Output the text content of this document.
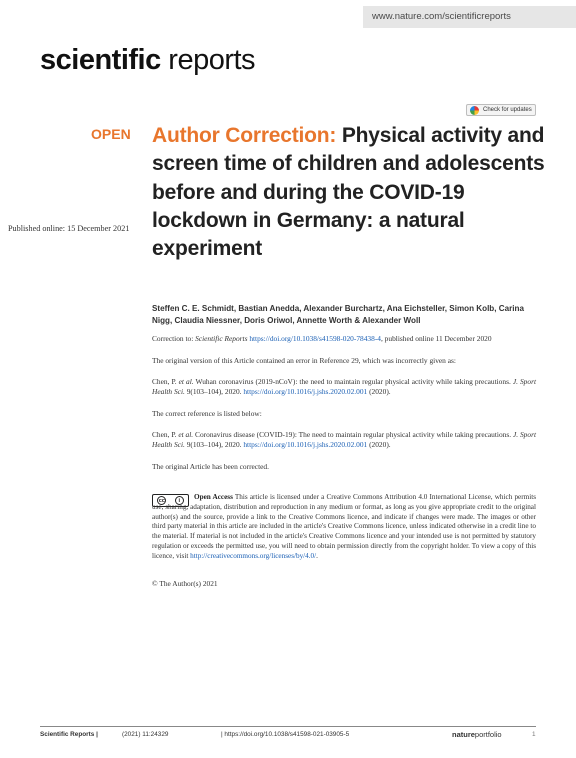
www.nature.com/scientificreports
scientific reports
Check for updates
OPEN
Published online: 15 December 2021
Author Correction: Physical activity and screen time of children and adolescents before and during the COVID-19 lockdown in Germany: a natural experiment
Steffen C. E. Schmidt, Bastian Anedda, Alexander Burchartz, Ana Eichsteller, Simon Kolb, Carina Nigg, Claudia Niessner, Doris Oriwol, Annette Worth & Alexander Woll
Correction to: Scientific Reports https://doi.org/10.1038/s41598-020-78438-4, published online 11 December 2020
The original version of this Article contained an error in Reference 29, which was incorrectly given as:
Chen, P. et al. Wuhan coronavirus (2019-nCoV): the need to maintain regular physical activity while taking precautions. J. Sport Health Sci. 9(103–104), 2020. https://doi.org/10.1016/j.jshs.2020.02.001 (2020).
The correct reference is listed below:
Chen, P. et al. Coronavirus disease (COVID-19): The need to maintain regular physical activity while taking precautions. J. Sport Health Sci. 9(103–104), 2020. https://doi.org/10.1016/j.jshs.2020.02.001 (2020).
The original Article has been corrected.
cc	i	Open Access This article is licensed under a Creative Commons Attribution 4.0 International License, which permits use, sharing, adaptation, distribution and reproduction in any medium or format, as long as you give appropriate credit to the original author(s) and the source, provide a link to the Creative Commons licence, and indicate if changes were made. The images or other third party material in this article are included in the article's Creative Commons licence, unless indicated otherwise in a credit line to the material. If material is not included in the article's Creative Commons licence and your intended use is not permitted by statutory regulation or exceeds the permitted use, you will need to obtain permission directly from the copyright holder. To view a copy of this licence, visit http://creativecommons.org/licenses/by/4.0/.
© The Author(s) 2021
Scientific Reports |	(2021) 11:24329	| https://doi.org/10.1038/s41598-021-03905-5	natureportfolio	1
